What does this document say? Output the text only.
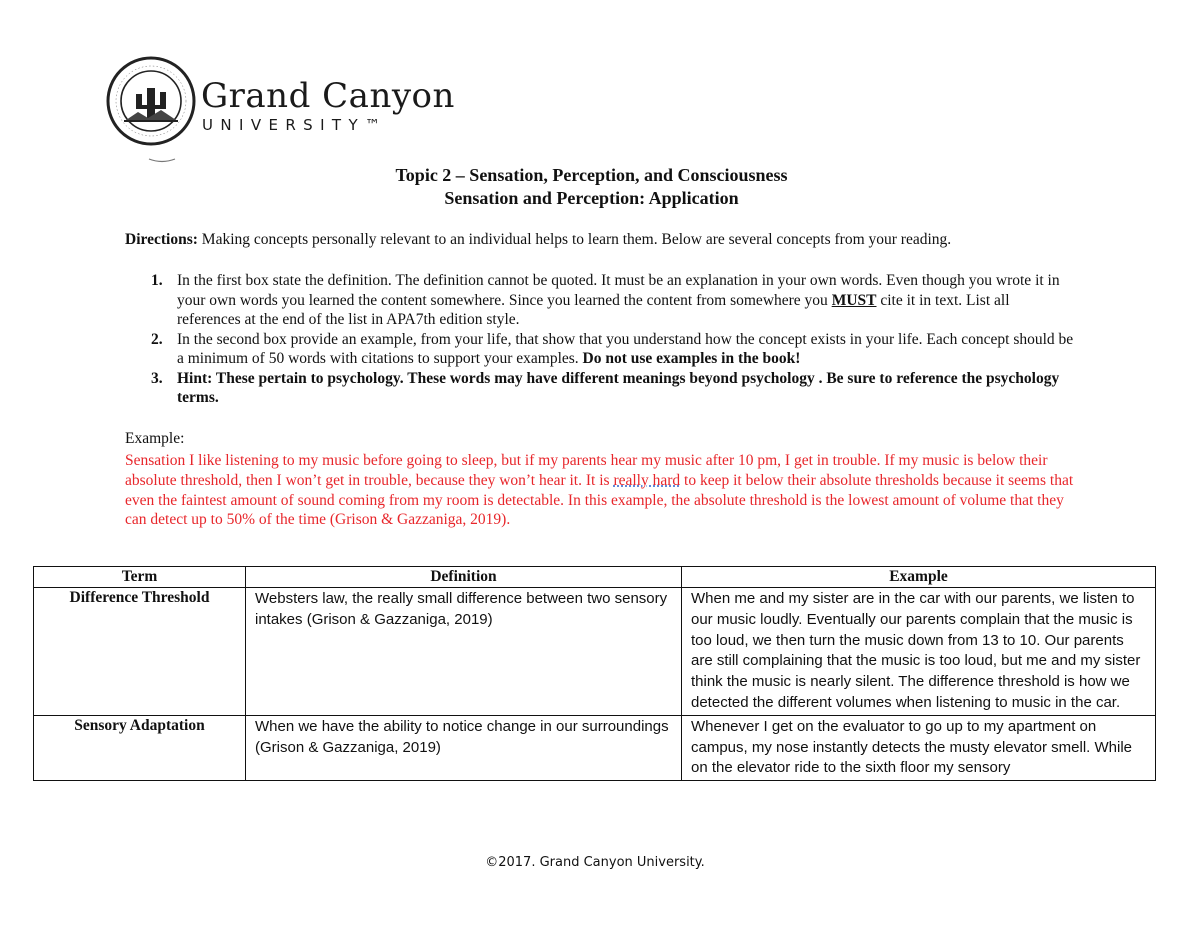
Grand Canyon
UNIVERSITY™
Topic 2 – Sensation, Perception, and Consciousness
Sensation and Perception: Application
Directions: Making concepts personally relevant to an individual helps to learn them. Below are several concepts from your reading.
1. In the first box state the definition. The definition cannot be quoted. It must be an explanation in your own words. Even though you wrote it in your own words you learned the content somewhere. Since you learned the content from somewhere you MUST cite it in text. List all references at the end of the list in APA7th edition style.
2. In the second box provide an example, from your life, that show that you understand how the concept exists in your life. Each concept should be a minimum of 50 words with citations to support your examples. Do not use examples in the book!
3. Hint: These pertain to psychology. These words may have different meanings beyond psychology . Be sure to reference the psychology terms.
Example:
Sensation I like listening to my music before going to sleep, but if my parents hear my music after 10 pm, I get in trouble. If my music is below their absolute threshold, then I won’t get in trouble, because they won’t hear it. It is really hard to keep it below their absolute thresholds because it seems that even the faintest amount of sound coming from my room is detectable. In this example, the absolute threshold is the lowest amount of volume that they can detect up to 50% of the time (Grison & Gazzaniga, 2019).
Term	Definition	Example
Difference Threshold	Websters law, the really small difference between two sensory intakes (Grison & Gazzaniga, 2019)	When me and my sister are in the car with our parents, we listen to our music loudly. Eventually our parents complain that the music is too loud, we then turn the music down from 13 to 10. Our parents are still complaining that the music is too loud, but me and my sister think the music is nearly silent. The difference threshold is how we detected the different volumes when listening to music in the car.
Sensory Adaptation	When we have the ability to notice change in our surroundings (Grison & Gazzaniga, 2019)	Whenever I get on the evaluator to go up to my apartment on campus, my nose instantly detects the musty elevator smell. While on the elevator ride to the sixth floor my sensory
©2017. Grand Canyon University.
